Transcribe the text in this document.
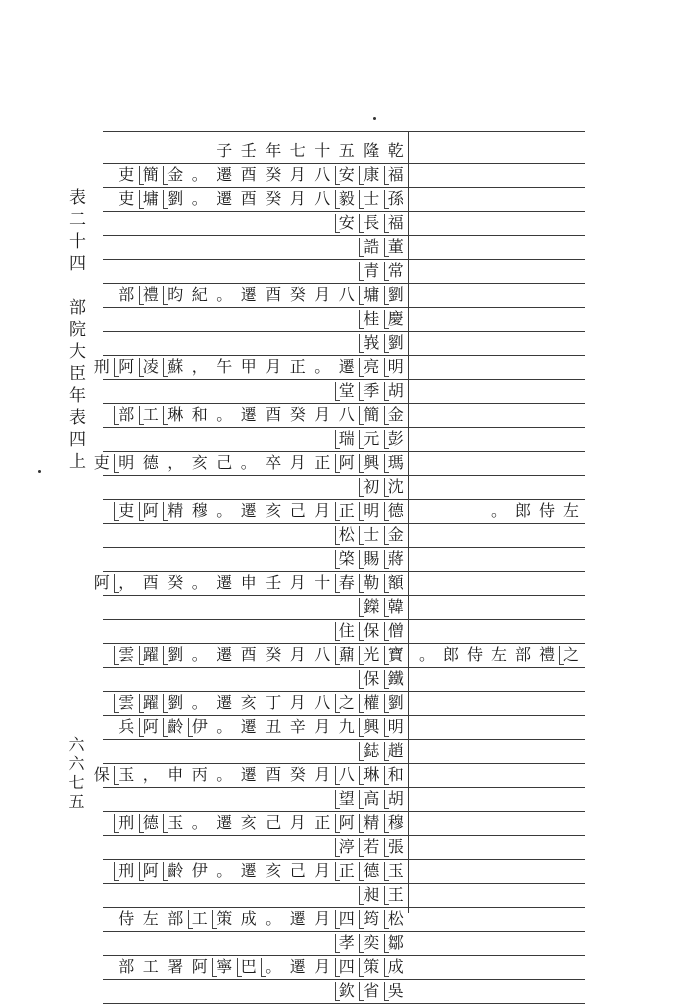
表二十四　部院大臣年表四上
六六七五
乾
隆
五
十
七
年
壬
子
左
侍
郎
。
之
禮
部
左
侍
郎
。
福
康
安
八
月
癸
酉
遷
。
金
簡
吏
孫
士
毅
八
月
癸
酉
遷
。
劉
墉
吏
福
長
安
董
誥
常
青
劉
墉
八
月
癸
酉
遷
。
紀
昀
禮
部
慶
桂
劉
峩
明
亮
遷
。
正
月
甲
午
，
蘇
凌
阿
刑
胡
季
堂
金
簡
八
月
癸
酉
遷
。
和
琳
工
部
彭
元
瑞
瑪
興
阿
正
月
卒
。
己
亥
，
德
明
吏
沈
初
德
明
正
月
己
亥
遷
。
穆
精
阿
吏
金
士
松
蔣
賜
棨
額
勒
春
十
月
壬
申
遷
。
癸
酉
，
阿
韓
鑅
僧
保
住
寶
光
鼐
八
月
癸
酉
遷
。
劉
躍
雲
鐵
保
劉
權
之
八
月
丁
亥
遷
。
劉
躍
雲
明
興
九
月
辛
丑
遷
。
伊
齡
阿
兵
趙
鋕
和
琳
八
月
癸
酉
遷
。
丙
申
，
玉
保
胡
高
望
穆
精
阿
正
月
己
亥
遷
。
玉
德
刑
張
若
渟
玉
德
正
月
己
亥
遷
。
伊
齡
阿
刑
王
昶
松
筠
四
月
遷
。
成
策
工
部
左
侍
鄒
奕
孝
成
策
四
月
遷
。
巴
寧
阿
署
工
部
吳
省
欽
